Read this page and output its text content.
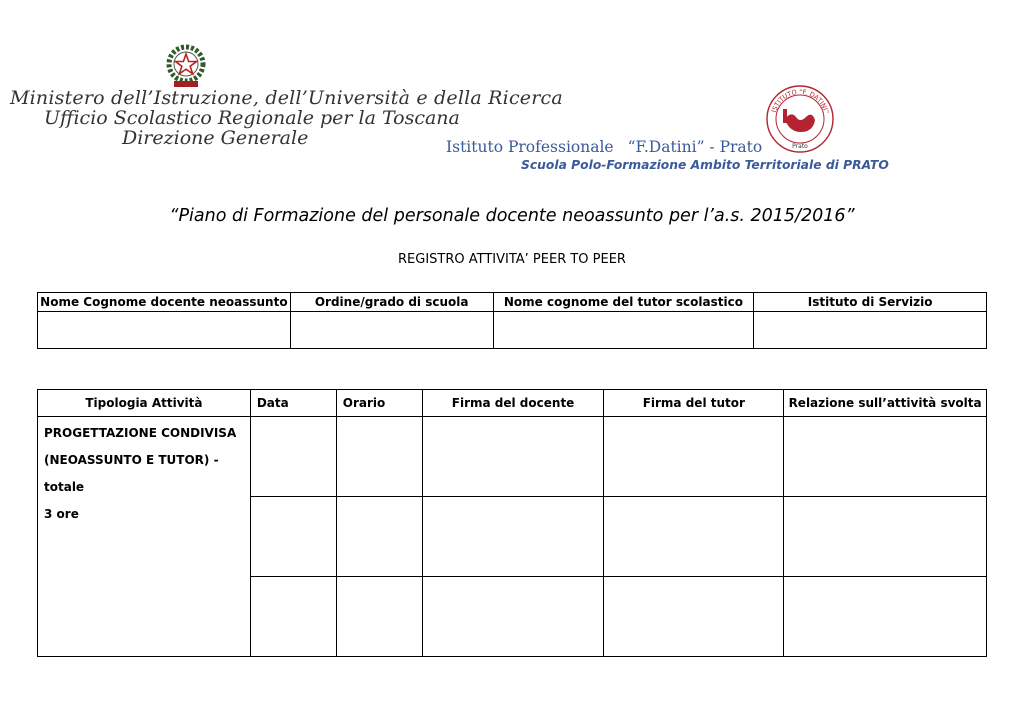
Ministero dell’Istruzione, dell’Università e della Ricerca
Ufficio Scolastico Regionale per la Toscana
Direzione Generale
ISTITUTO “F. DATINI”
Prato
Istituto Professionale “F.Datini” - Prato
Scuola Polo-Formazione Ambito Territoriale di PRATO
“Piano di Formazione del personale docente neoassunto per l’a.s. 2015/2016”
REGISTRO ATTIVITA’ PEER TO PEER
Nome Cognome docente neoassunto	Ordine/grado di scuola	Nome cognome del tutor scolastico	Istituto di Servizio

Tipologia Attività	Data	Orario	Firma del docente	Firma del tutor	Relazione sull’attività svolta

PROGETTAZIONE CONDIVISA
(NEOASSUNTO E TUTOR) - totale
3 ore					
